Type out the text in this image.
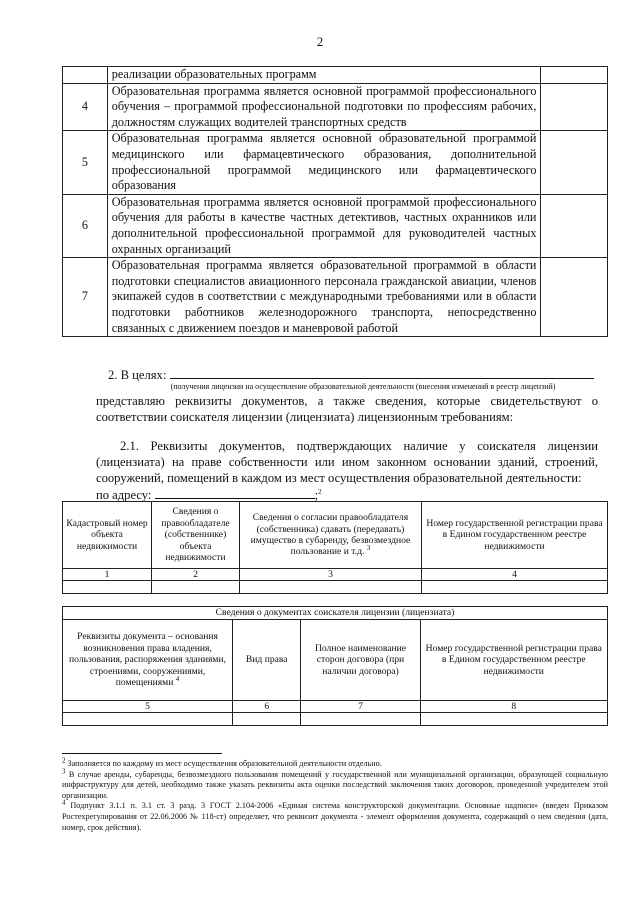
2
	реализации образовательных программ	
4	Образовательная программа является основной программой профессионального обучения – программой профессиональной подготовки по профессиям рабочих, должностям служащих водителей транспортных средств	
5	Образовательная программа является основной образовательной программой медицинского или фармацевтического образования, дополнительной профессиональной программой медицинского или фармацевтического образования	
6	Образовательная программа является основной программой профессионального обучения для работы в качестве частных детективов, частных охранников или дополнительной профессиональной программой для руководителей частных охранных организаций	
7	Образовательная программа является образовательной программой в области подготовки специалистов авиационного персонала гражданской авиации, членов экипажей судов в соответствии с международными требованиями или в области подготовки работников железнодорожного транспорта, непосредственно связанных с движением поездов и маневровой работой	
2. В целях:
(получения лицензии на осуществление образовательной деятельности (внесения изменений в реестр лицензий)
представляю реквизиты документов, а также сведения, которые свидетельствуют о соответствии соискателя лицензии (лицензиата) лицензионным требованиям:
2.1. Реквизиты документов, подтверждающих наличие у соискателя лицензии (лицензиата) на праве собственности или ином законном основании зданий, строений, сооружений, помещений в каждом из мест осуществления образовательной деятельности:
по адресу:	;$^2$
Кадастровый номер объекта недвижимости	Сведения о правообладателе (собственнике) объекта недвижимости	Сведения о согласии правообладателя (собственника) сдавать (передавать) имущество в субаренду, безвозмездное пользование и т.д. $^3$	Номер государственной регистрации права в Едином государственном реестре недвижимости
1	2	3	4

Сведения о документах соискателя лицензии (лицензиата)			
Реквизиты документа – основания возникновения права владения, пользования, распоряжения зданиями, строениями, сооружениями, помещениями $^4$	Вид права	Полное наименование сторон договора (при наличии договора)	Номер государственной регистрации права в Едином государственном реестре недвижимости
5	6	7	8

$^2$ Заполняется по каждому из мест осуществления образовательной деятельности отдельно.

$^3$ В случае аренды, субаренды, безвозмездного пользования помещений у государственной или муниципальной организации, образующей социальную инфраструктуру для детей, необходимо также указать реквизиты акта оценки последствий заключения таких договоров, проведенной учредителем этой организации.

$^4$ Подпункт 3.1.1 п. 3.1 ст. 3 разд. 3 ГОСТ 2.104-2006 «Единая система конструкторской документации. Основные надписи» (введен Приказом Ростехрегулирования от 22.06.2006 № 118-ст) определяет, что реквизит документа - элемент оформления документа, содержащий о нем сведения (дата, номер, срок действия).
